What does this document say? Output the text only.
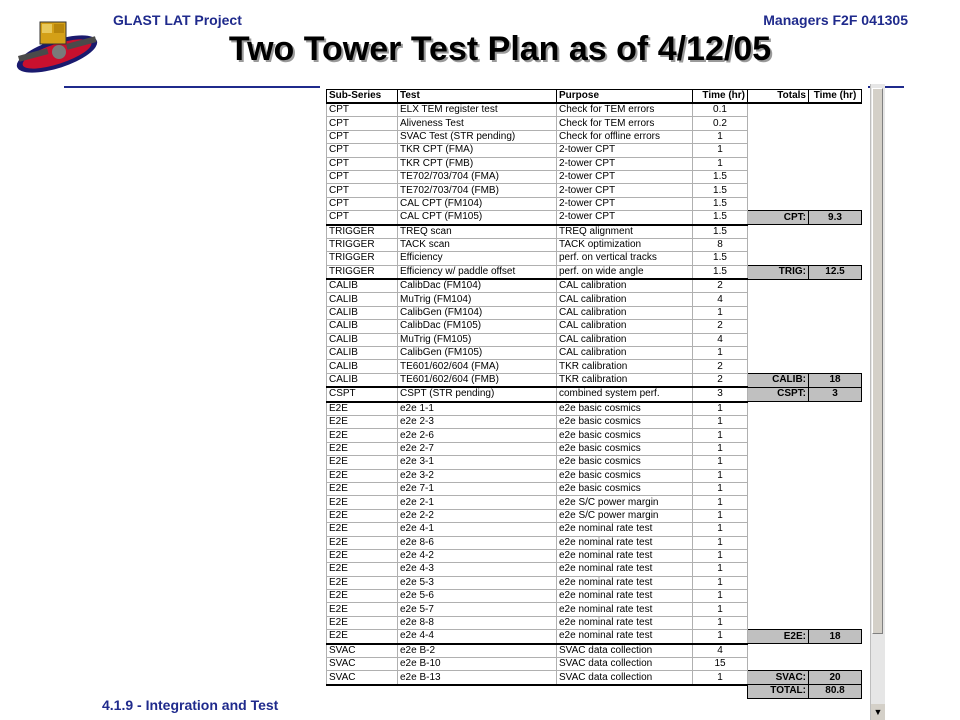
GLAST LAT Project	Managers F2F 041305
Two Tower Test Plan as of 4/12/05
Sub-Series	Test	Purpose	Time (hr)	Totals	Time (hr)
CPT	ELX TEM register test	Check for TEM errors	0.1		
CPT	Aliveness Test	Check for TEM errors	0.2		
CPT	SVAC Test (STR pending)	Check for offline errors	1		
CPT	TKR CPT (FMA)	2-tower CPT	1		
CPT	TKR CPT (FMB)	2-tower CPT	1		
CPT	TE702/703/704 (FMA)	2-tower CPT	1.5		
CPT	TE702/703/704 (FMB)	2-tower CPT	1.5		
CPT	CAL CPT (FM104)	2-tower CPT	1.5		
CPT	CAL CPT (FM105)	2-tower CPT	1.5	CPT:	9.3
TRIGGER	TREQ scan	TREQ alignment	1.5		
TRIGGER	TACK scan	TACK optimization	8		
TRIGGER	Efficiency	perf. on vertical tracks	1.5		
TRIGGER	Efficiency w/ paddle offset	perf. on wide angle	1.5	TRIG:	12.5
CALIB	CalibDac (FM104)	CAL calibration	2		
CALIB	MuTrig (FM104)	CAL calibration	4		
CALIB	CalibGen (FM104)	CAL calibration	1		
CALIB	CalibDac (FM105)	CAL calibration	2		
CALIB	MuTrig (FM105)	CAL calibration	4		
CALIB	CalibGen (FM105)	CAL calibration	1		
CALIB	TE601/602/604 (FMA)	TKR calibration	2		
CALIB	TE601/602/604 (FMB)	TKR calibration	2	CALIB:	18
CSPT	CSPT (STR pending)	combined system perf.	3	CSPT:	3
E2E	e2e 1-1	e2e basic cosmics	1		
E2E	e2e 2-3	e2e basic cosmics	1		
E2E	e2e 2-6	e2e basic cosmics	1		
E2E	e2e 2-7	e2e basic cosmics	1		
E2E	e2e 3-1	e2e basic cosmics	1		
E2E	e2e 3-2	e2e basic cosmics	1		
E2E	e2e 7-1	e2e basic cosmics	1		
E2E	e2e 2-1	e2e S/C power margin	1		
E2E	e2e 2-2	e2e S/C power margin	1		
E2E	e2e 4-1	e2e nominal rate test	1		
E2E	e2e 8-6	e2e nominal rate test	1		
E2E	e2e 4-2	e2e nominal rate test	1		
E2E	e2e 4-3	e2e nominal rate test	1		
E2E	e2e 5-3	e2e nominal rate test	1		
E2E	e2e 5-6	e2e nominal rate test	1		
E2E	e2e 5-7	e2e nominal rate test	1		
E2E	e2e 8-8	e2e nominal rate test	1		
E2E	e2e 4-4	e2e nominal rate test	1	E2E:	18
SVAC	e2e B-2	SVAC data collection	4		
SVAC	e2e B-10	SVAC data collection	15		
SVAC	e2e B-13	SVAC data collection	1	SVAC:	20
				TOTAL:	80.8
▼
4.1.9 - Integration and Test
